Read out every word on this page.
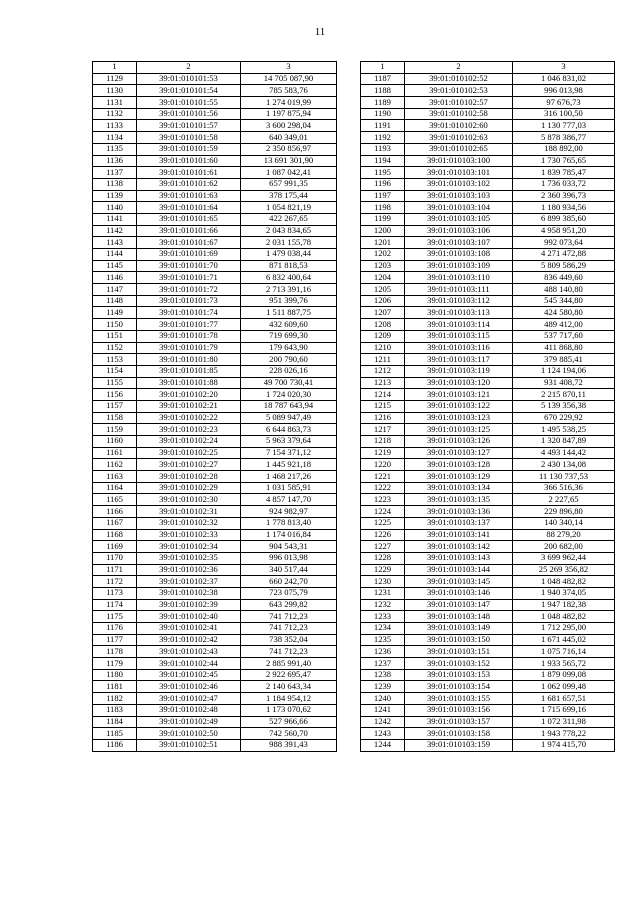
11
1	2	3
1129	39:01:010101:53	14 705 087,90
1130	39:01:010101:54	785 583,76
1131	39:01:010101:55	1 274 019,99
1132	39:01:010101:56	1 197 875,94
1133	39:01:010101:57	3 600 298,04
1134	39:01:010101:58	640 349,01
1135	39:01:010101:59	2 350 856,97
1136	39:01:010101:60	13 691 301,90
1137	39:01:010101:61	1 087 042,41
1138	39:01:010101:62	657 991,35
1139	39:01:010101:63	378 175,44
1140	39:01:010101:64	1 054 821,19
1141	39:01:010101:65	422 267,65
1142	39:01:010101:66	2 043 834,65
1143	39:01:010101:67	2 031 155,78
1144	39:01:010101:69	1 479 038,44
1145	39:01:010101:70	871 818,53
1146	39:01:010101:71	6 832 400,64
1147	39:01:010101:72	2 713 391,16
1148	39:01:010101:73	951 399,76
1149	39:01:010101:74	1 511 887,75
1150	39:01:010101:77	432 609,60
1151	39:01:010101:78	719 699,30
1152	39:01:010101:79	179 643,90
1153	39:01:010101:80	200 790,60
1154	39:01:010101:85	228 026,16
1155	39:01:010101:88	49 700 730,41
1156	39:01:010102:20	1 724 020,30
1157	39:01:010102:21	18 787 643,94
1158	39:01:010102:22	5 089 947,49
1159	39:01:010102:23	6 644 863,73
1160	39:01:010102:24	5 963 379,64
1161	39:01:010102:25	7 154 371,12
1162	39:01:010102:27	1 445 921,18
1163	39:01:010102:28	1 468 217,26
1164	39:01:010102:29	1 031 585,91
1165	39:01:010102:30	4 857 147,70
1166	39:01:010102:31	924 982,97
1167	39:01:010102:32	1 778 813,40
1168	39:01:010102:33	1 174 016,84
1169	39:01:010102:34	904 543,31
1170	39:01:010102:35	996 013,98
1171	39:01:010102:36	340 517,44
1172	39:01:010102:37	660 242,70
1173	39:01:010102:38	723 075,79
1174	39:01:010102:39	643 299,82
1175	39:01:010102:40	741 712,23
1176	39:01:010102:41	741 712,23
1177	39:01:010102:42	738 352,04
1178	39:01:010102:43	741 712,23
1179	39:01:010102:44	2 885 991,40
1180	39:01:010102:45	2 922 695,47
1181	39:01:010102:46	2 140 643,34
1182	39:01:010102:47	1 184 954,12
1183	39:01:010102:48	1 173 070,62
1184	39:01:010102:49	527 966,66
1185	39:01:010102:50	742 560,70
1186	39:01:010102:51	988 391,43
1	2	3
1187	39:01:010102:52	1 046 831,02
1188	39:01:010102:53	996 013,98
1189	39:01:010102:57	97 676,73
1190	39:01:010102:58	316 100,50
1191	39:01:010102:60	1 130 777,03
1192	39:01:010102:63	5 878 386,77
1193	39:01:010102:65	188 892,00
1194	39:01:010103:100	1 730 765,65
1195	39:01:010103:101	1 839 785,47
1196	39:01:010103:102	1 736 033,72
1197	39:01:010103:103	2 360 396,73
1198	39:01:010103:104	1 180 934,56
1199	39:01:010103:105	6 899 385,60
1200	39:01:010103:106	4 958 951,20
1201	39:01:010103:107	992 073,64
1202	39:01:010103:108	4 271 472,88
1203	39:01:010103:109	5 809 586,29
1204	39:01:010103:110	836 449,60
1205	39:01:010103:111	488 140,80
1206	39:01:010103:112	545 344,80
1207	39:01:010103:113	424 580,80
1208	39:01:010103:114	489 412,00
1209	39:01:010103:115	537 717,60
1210	39:01:010103:116	411 868,80
1211	39:01:010103:117	379 885,41
1212	39:01:010103:119	1 124 194,06
1213	39:01:010103:120	931 408,72
1214	39:01:010103:121	2 215 870,11
1215	39:01:010103:122	5 139 356,38
1216	39:01:010103:123	670 229,92
1217	39:01:010103:125	1 495 538,25
1218	39:01:010103:126	1 320 847,89
1219	39:01:010103:127	4 493 144,42
1220	39:01:010103:128	2 430 134,08
1221	39:01:010103:129	11 130 737,53
1222	39:01:010103:134	366 516,36
1223	39:01:010103:135	2 227,65
1224	39:01:010103:136	229 896,80
1225	39:01:010103:137	140 340,14
1226	39:01:010103:141	88 279,20
1227	39:01:010103:142	200 682,00
1228	39:01:010103:143	3 699 962,44
1229	39:01:010103:144	25 269 356,82
1230	39:01:010103:145	1 048 482,82
1231	39:01:010103:146	1 940 374,05
1232	39:01:010103:147	1 947 182,38
1233	39:01:010103:148	1 048 482,82
1234	39:01:010103:149	1 712 295,00
1235	39:01:010103:150	1 671 445,02
1236	39:01:010103:151	1 075 716,14
1237	39:01:010103:152	1 933 565,72
1238	39:01:010103:153	1 879 099,08
1239	39:01:010103:154	1 062 099,48
1240	39:01:010103:155	1 681 657,51
1241	39:01:010103:156	1 715 699,16
1242	39:01:010103:157	1 072 311,98
1243	39:01:010103:158	1 943 778,22
1244	39:01:010103:159	1 974 415,70
